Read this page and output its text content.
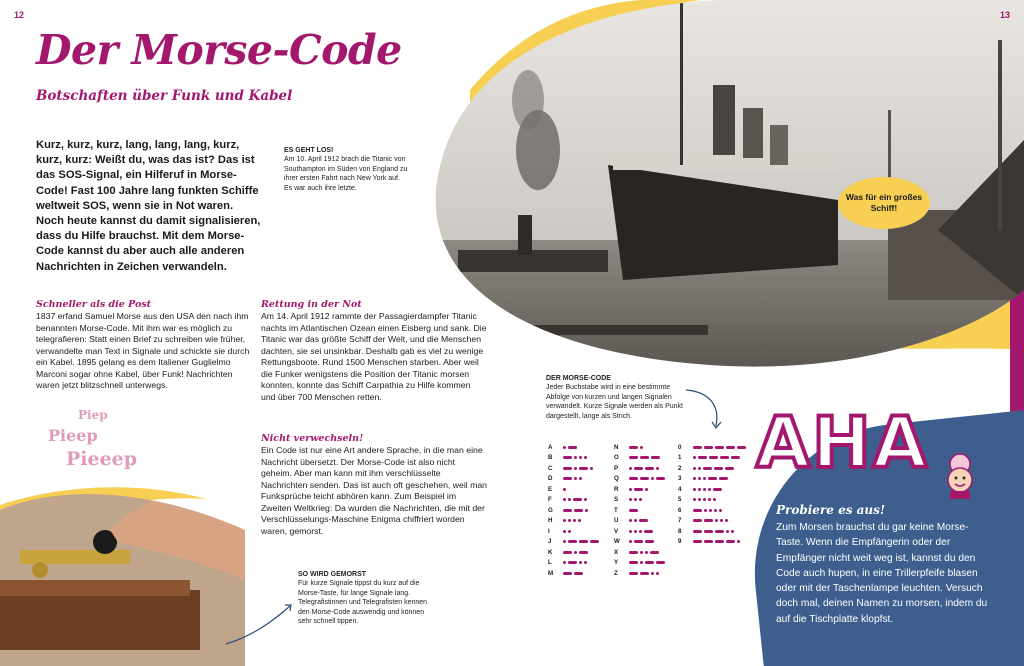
Was für ein großes Schiff!
12	13
Der Morse-Code
Botschaften über Funk und Kabel
Kurz, kurz, kurz, lang, lang, lang, kurz, kurz, kurz: Weißt du, was das ist? Das ist das SOS-Signal, ein Hilferuf in Morse-Code! Fast 100 Jahre lang funkten Schiffe weltweit SOS, wenn sie in Not waren. Noch heute kannst du damit signalisieren, dass du Hilfe brauchst. Mit dem Morse-Code kannst du aber auch alle anderen Nachrichten in Zeichen verwandeln.
ES GEHT LOS!
Am 10. April 1912 brach die Titanic von Southampton im Süden von England zu ihrer ersten Fahrt nach New York auf. Es war auch ihre letzte.
Schneller als die Post
1837 erfand Samuel Morse aus den USA den nach ihm benannten Morse-Code. Mit ihm war es möglich zu telegrafieren: Statt einen Brief zu schreiben wie früher, verwandelte man Text in Signale und schickte sie durch ein Kabel. 1895 gelang es dem Italiener Guglielmo Marconi sogar ohne Kabel, über Funk! Nachrichten waren jetzt blitzschnell unterwegs.
Rettung in der Not
Am 14. April 1912 rammte der Passagierdampfer Titanic nachts im Atlantischen Ozean einen Eisberg und sank. Die Titanic war das größte Schiff der Welt, und die Menschen dachten, sie sei unsinkbar. Deshalb gab es viel zu wenige Rettungsboote. Rund 1500 Menschen starben. Aber weil die Funker wenigstens die Position der Titanic morsen konnten, konnte das Schiff Carpathia zu Hilfe kommen und über 700 Menschen retten.
Nicht verwechseln!
Ein Code ist nur eine Art andere Sprache, in die man eine Nachricht übersetzt. Der Morse-Code ist also nicht geheim. Aber man kann mit ihm verschlüsselte Nachrichten senden. Das ist auch oft geschehen, weil man Funksprüche leicht abhören kann. Zum Beispiel im Zweiten Weltkrieg: Da wurden die Nachrichten, die mit der Verschlüsselungs-Maschine Enigma chiffriert worden waren, gemorst.
Piep
Pieep
Pieeep
SO WIRD GEMORST
Für kurze Signale tippst du kurz auf die Morse-Taste, für lange Signale lang. Telegrafistinnen und Telegrafisten kennen den Morse-Code auswendig und können sehr schnell tippen.
DER MORSE-CODE
Jeder Buchstabe wird in eine bestimmte Abfolge von kurzen und langen Signalen verwandelt. Kurze Signale werden als Punkt dargestellt, lange als Strich.
A
B
C
D
E
F
G
H
I
J
K
L
M
N
O
P
Q
R
S
T
U
V
W
X
Y
Z
0
1
2
3
4
5
6
7
8
9
AHA
Probiere es aus!
Zum Morsen brauchst du gar keine Morse-Taste. Wenn die Empfängerin oder der Empfänger nicht weit weg ist, kannst du den Code auch hupen, in eine Trillerpfeife blasen oder mit der Taschenlampe leuchten. Versuch doch mal, deinen Namen zu morsen, indem du auf die Tischplatte klopfst.
